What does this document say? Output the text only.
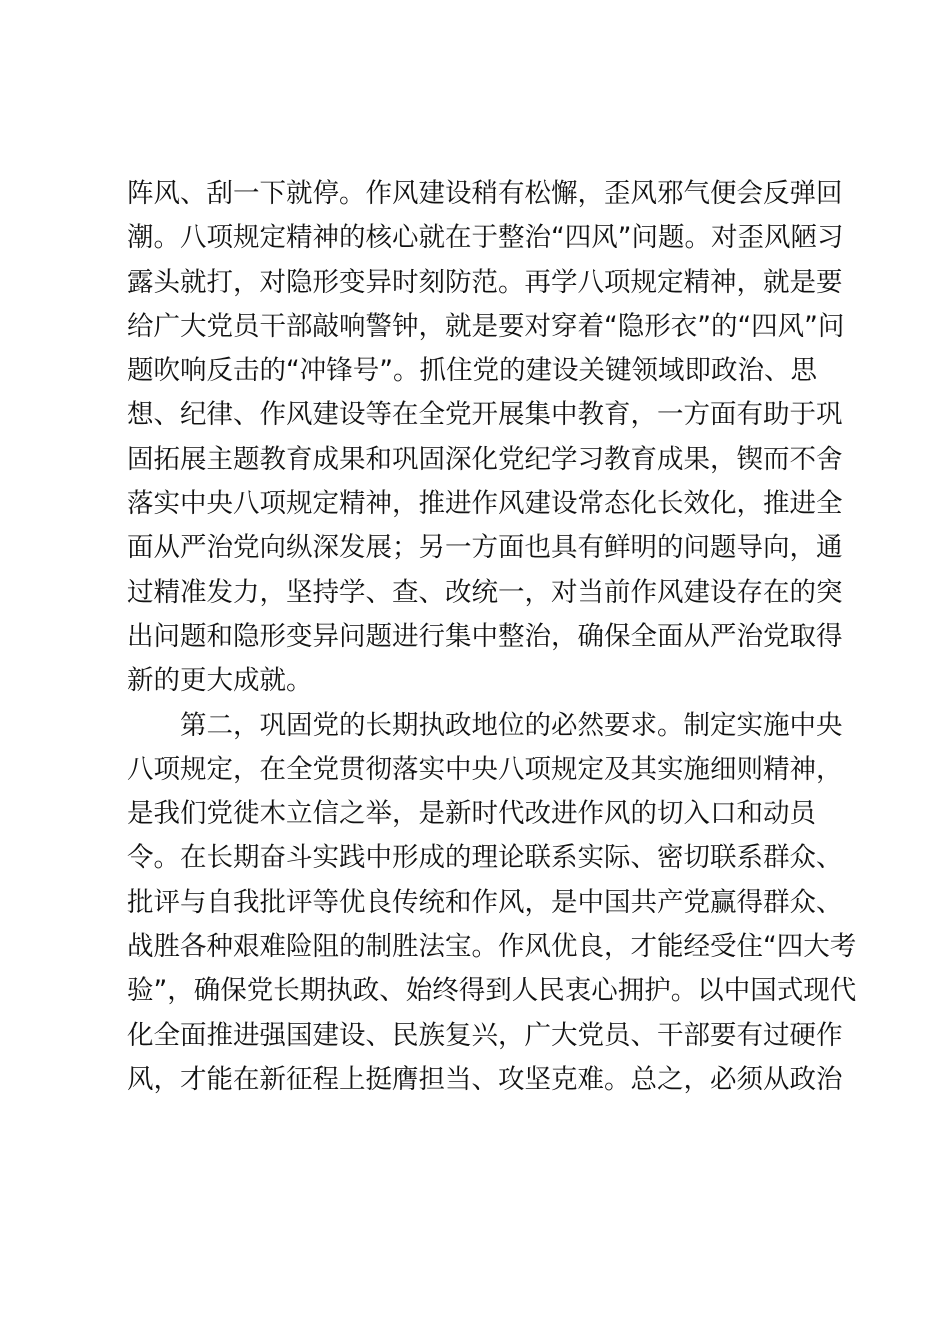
阵风、刮一下就停。作风建设稍有松懈，歪风邪气便会反弹回
潮。八项规定精神的核心就在于整治“四风”问题。对歪风陋习
露头就打，对隐形变异时刻防范。再学八项规定精神，就是要
给广大党员干部敲响警钟，就是要对穿着“隐形衣”的“四风”问
题吹响反击的“冲锋号”。抓住党的建设关键领域即政治、思
想、纪律、作风建设等在全党开展集中教育，一方面有助于巩
固拓展主题教育成果和巩固深化党纪学习教育成果，锲而不舍
落实中央八项规定精神，推进作风建设常态化长效化，推进全
面从严治党向纵深发展；另一方面也具有鲜明的问题导向，通
过精准发力，坚持学、查、改统一，对当前作风建设存在的突
出问题和隐形变异问题进行集中整治，确保全面从严治党取得
新的更大成就。
第二，巩固党的长期执政地位的必然要求。制定实施中央
八项规定，在全党贯彻落实中央八项规定及其实施细则精神，
是我们党徙木立信之举，是新时代改进作风的切入口和动员
令。在长期奋斗实践中形成的理论联系实际、密切联系群众、
批评与自我批评等优良传统和作风，是中国共产党赢得群众、
战胜各种艰难险阻的制胜法宝。作风优良，才能经受住“四大考
验”，确保党长期执政、始终得到人民衷心拥护。以中国式现代
化全面推进强国建设、民族复兴，广大党员、干部要有过硬作
风，才能在新征程上挺膺担当、攻坚克难。总之，必须从政治
